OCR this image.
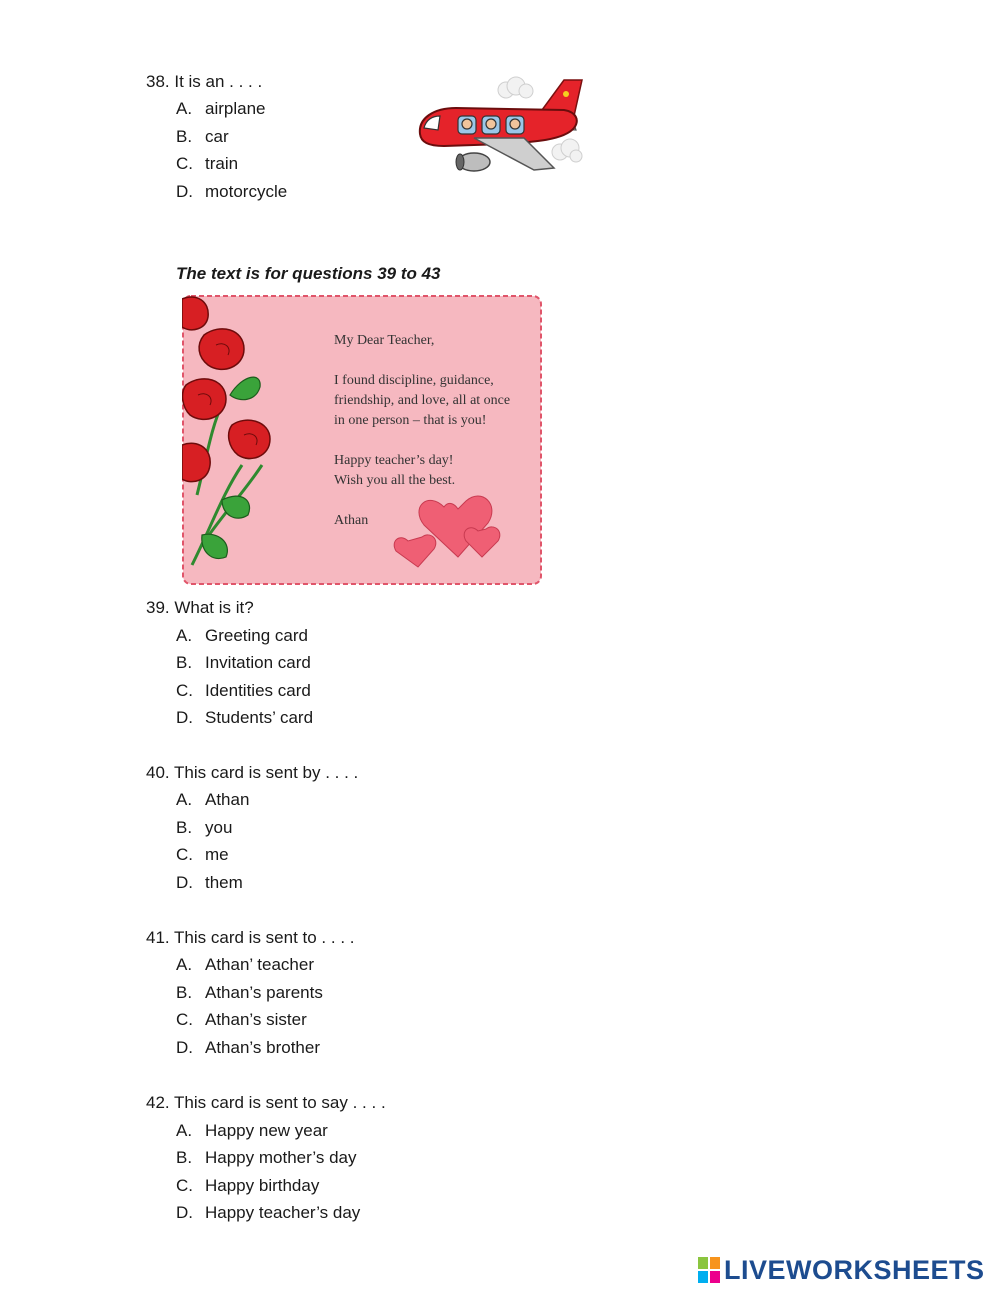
38. It is an . . . .
A. airplane
B. car
C. train
D. motorcycle
The text is for questions 39 to 43
My Dear Teacher,
I found discipline, guidance,
friendship, and love, all at once
in one person – that is you!
Happy teacher’s day!
Wish you all the best.
Athan
39. What is it?
A. Greeting card
B. Invitation card
C. Identities card
D. Students’ card
40. This card is sent by . . . .
A. Athan
B. you
C. me
D. them
41. This card is sent to . . . .
A. Athan’ teacher
B. Athan’s parents
C. Athan’s sister
D. Athan’s brother
42. This card is sent to say . . . .
A. Happy new year
B. Happy mother’s day
C. Happy birthday
D. Happy teacher’s day
LIVEWORKSHEETS
